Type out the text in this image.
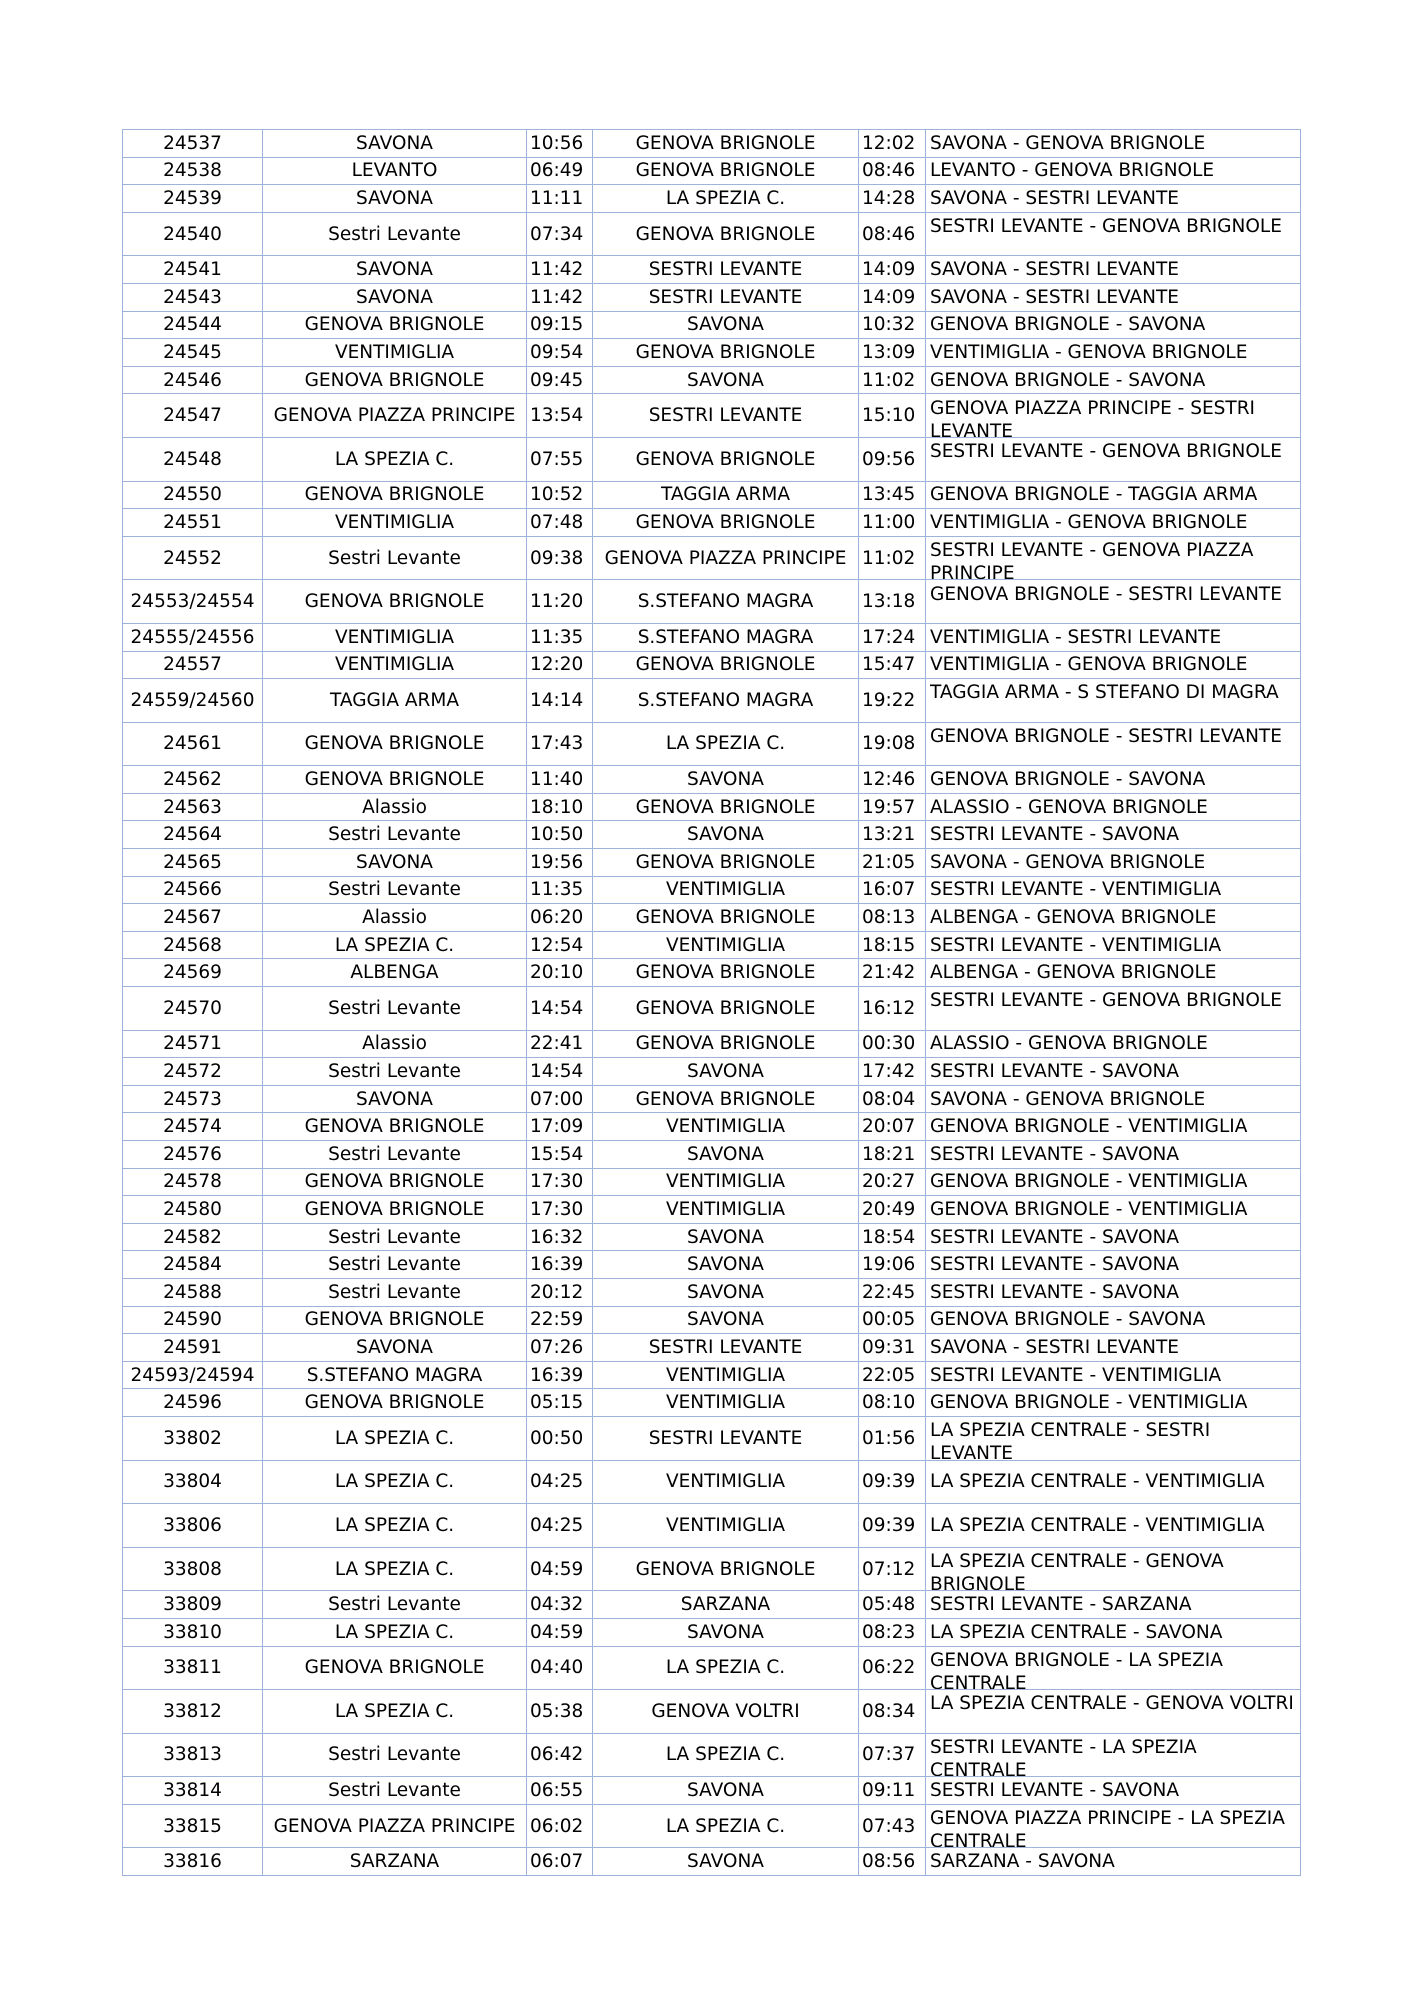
24537	SAVONA	10:56	GENOVA BRIGNOLE	12:02	SAVONA - GENOVA BRIGNOLE
24538	LEVANTO	06:49	GENOVA BRIGNOLE	08:46	LEVANTO - GENOVA BRIGNOLE
24539	SAVONA	11:11	LA SPEZIA C.	14:28	SAVONA - SESTRI LEVANTE
24540	Sestri Levante	07:34	GENOVA BRIGNOLE	08:46	SESTRI LEVANTE - GENOVA BRIGNOLE

24541	SAVONA	11:42	SESTRI LEVANTE	14:09	SAVONA - SESTRI LEVANTE
24543	SAVONA	11:42	SESTRI LEVANTE	14:09	SAVONA - SESTRI LEVANTE
24544	GENOVA BRIGNOLE	09:15	SAVONA	10:32	GENOVA BRIGNOLE - SAVONA
24545	VENTIMIGLIA	09:54	GENOVA BRIGNOLE	13:09	VENTIMIGLIA - GENOVA BRIGNOLE
24546	GENOVA BRIGNOLE	09:45	SAVONA	11:02	GENOVA BRIGNOLE - SAVONA
24547	GENOVA PIAZZA PRINCIPE	13:54	SESTRI LEVANTE	15:10	GENOVA PIAZZA PRINCIPE - SESTRI LEVANTE

24548	LA SPEZIA C.	07:55	GENOVA BRIGNOLE	09:56	SESTRI LEVANTE - GENOVA BRIGNOLE

24550	GENOVA BRIGNOLE	10:52	TAGGIA ARMA	13:45	GENOVA BRIGNOLE - TAGGIA ARMA
24551	VENTIMIGLIA	07:48	GENOVA BRIGNOLE	11:00	VENTIMIGLIA - GENOVA BRIGNOLE
24552	Sestri Levante	09:38	GENOVA PIAZZA PRINCIPE	11:02	SESTRI LEVANTE - GENOVA PIAZZA PRINCIPE

24553/24554	GENOVA BRIGNOLE	11:20	S.STEFANO MAGRA	13:18	GENOVA BRIGNOLE - SESTRI LEVANTE

24555/24556	VENTIMIGLIA	11:35	S.STEFANO MAGRA	17:24	VENTIMIGLIA - SESTRI LEVANTE
24557	VENTIMIGLIA	12:20	GENOVA BRIGNOLE	15:47	VENTIMIGLIA - GENOVA BRIGNOLE
24559/24560	TAGGIA ARMA	14:14	S.STEFANO MAGRA	19:22	TAGGIA ARMA - S STEFANO DI MAGRA

24561	GENOVA BRIGNOLE	17:43	LA SPEZIA C.	19:08	GENOVA BRIGNOLE - SESTRI LEVANTE

24562	GENOVA BRIGNOLE	11:40	SAVONA	12:46	GENOVA BRIGNOLE - SAVONA
24563	Alassio	18:10	GENOVA BRIGNOLE	19:57	ALASSIO - GENOVA BRIGNOLE
24564	Sestri Levante	10:50	SAVONA	13:21	SESTRI LEVANTE - SAVONA
24565	SAVONA	19:56	GENOVA BRIGNOLE	21:05	SAVONA - GENOVA BRIGNOLE
24566	Sestri Levante	11:35	VENTIMIGLIA	16:07	SESTRI LEVANTE - VENTIMIGLIA
24567	Alassio	06:20	GENOVA BRIGNOLE	08:13	ALBENGA - GENOVA BRIGNOLE
24568	LA SPEZIA C.	12:54	VENTIMIGLIA	18:15	SESTRI LEVANTE - VENTIMIGLIA
24569	ALBENGA	20:10	GENOVA BRIGNOLE	21:42	ALBENGA - GENOVA BRIGNOLE
24570	Sestri Levante	14:54	GENOVA BRIGNOLE	16:12	SESTRI LEVANTE - GENOVA BRIGNOLE

24571	Alassio	22:41	GENOVA BRIGNOLE	00:30	ALASSIO - GENOVA BRIGNOLE
24572	Sestri Levante	14:54	SAVONA	17:42	SESTRI LEVANTE - SAVONA
24573	SAVONA	07:00	GENOVA BRIGNOLE	08:04	SAVONA - GENOVA BRIGNOLE
24574	GENOVA BRIGNOLE	17:09	VENTIMIGLIA	20:07	GENOVA BRIGNOLE - VENTIMIGLIA
24576	Sestri Levante	15:54	SAVONA	18:21	SESTRI LEVANTE - SAVONA
24578	GENOVA BRIGNOLE	17:30	VENTIMIGLIA	20:27	GENOVA BRIGNOLE - VENTIMIGLIA
24580	GENOVA BRIGNOLE	17:30	VENTIMIGLIA	20:49	GENOVA BRIGNOLE - VENTIMIGLIA
24582	Sestri Levante	16:32	SAVONA	18:54	SESTRI LEVANTE - SAVONA
24584	Sestri Levante	16:39	SAVONA	19:06	SESTRI LEVANTE - SAVONA
24588	Sestri Levante	20:12	SAVONA	22:45	SESTRI LEVANTE - SAVONA
24590	GENOVA BRIGNOLE	22:59	SAVONA	00:05	GENOVA BRIGNOLE - SAVONA
24591	SAVONA	07:26	SESTRI LEVANTE	09:31	SAVONA - SESTRI LEVANTE
24593/24594	S.STEFANO MAGRA	16:39	VENTIMIGLIA	22:05	SESTRI LEVANTE - VENTIMIGLIA
24596	GENOVA BRIGNOLE	05:15	VENTIMIGLIA	08:10	GENOVA BRIGNOLE - VENTIMIGLIA
33802	LA SPEZIA C.	00:50	SESTRI LEVANTE	01:56	LA SPEZIA CENTRALE - SESTRI LEVANTE

33804	LA SPEZIA C.	04:25	VENTIMIGLIA	09:39	LA SPEZIA CENTRALE - VENTIMIGLIA
33806	LA SPEZIA C.	04:25	VENTIMIGLIA	09:39	LA SPEZIA CENTRALE - VENTIMIGLIA
33808	LA SPEZIA C.	04:59	GENOVA BRIGNOLE	07:12	LA SPEZIA CENTRALE - GENOVA BRIGNOLE

33809	Sestri Levante	04:32	SARZANA	05:48	SESTRI LEVANTE - SARZANA
33810	LA SPEZIA C.	04:59	SAVONA	08:23	LA SPEZIA CENTRALE - SAVONA
33811	GENOVA BRIGNOLE	04:40	LA SPEZIA C.	06:22	GENOVA BRIGNOLE - LA SPEZIA CENTRALE

33812	LA SPEZIA C.	05:38	GENOVA VOLTRI	08:34	LA SPEZIA CENTRALE - GENOVA VOLTRI

33813	Sestri Levante	06:42	LA SPEZIA C.	07:37	SESTRI LEVANTE - LA SPEZIA CENTRALE

33814	Sestri Levante	06:55	SAVONA	09:11	SESTRI LEVANTE - SAVONA
33815	GENOVA PIAZZA PRINCIPE	06:02	LA SPEZIA C.	07:43	GENOVA PIAZZA PRINCIPE - LA SPEZIA CENTRALE

33816	SARZANA	06:07	SAVONA	08:56	SARZANA - SAVONA
